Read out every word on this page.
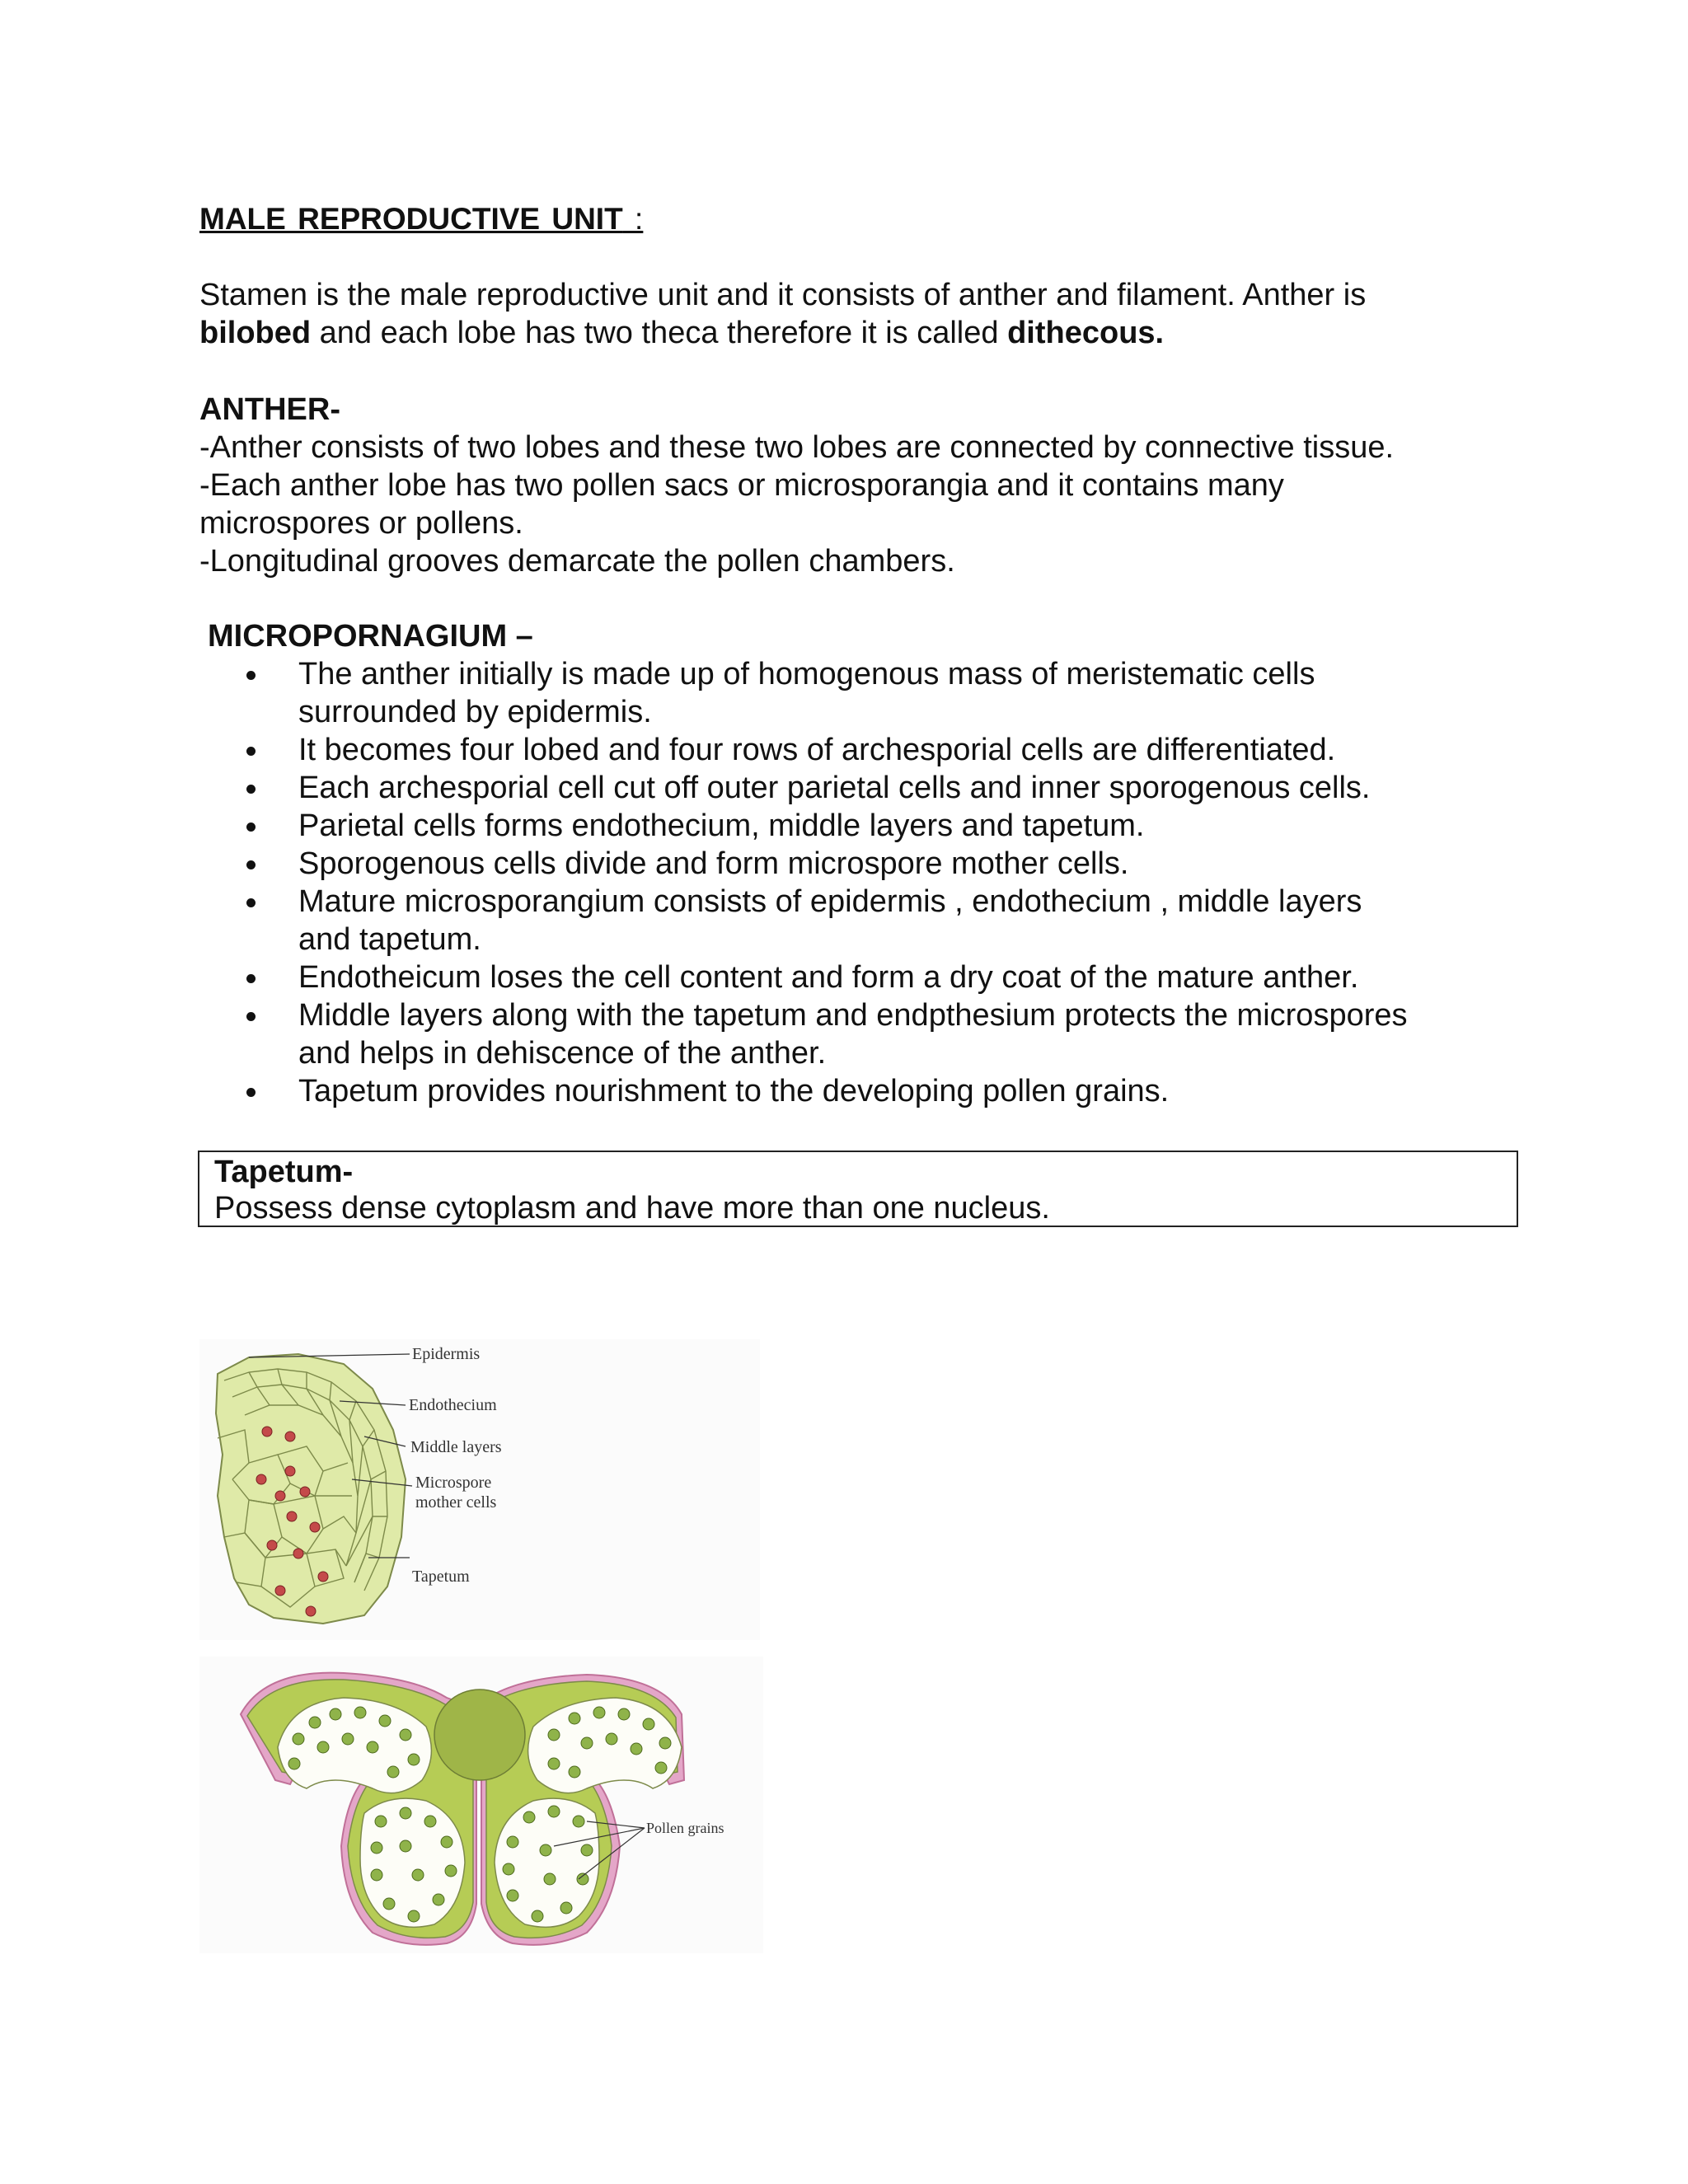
MALE REPRODUCTIVE UNIT :
Stamen is the male reproductive unit and it consists of anther and filament. Anther is
bilobed and each lobe has two theca therefore it is called dithecous.
ANTHER-
-Anther consists of two lobes and these two lobes are connected by connective tissue.
-Each anther lobe has two pollen sacs or microsporangia and it contains many
microspores or pollens.
-Longitudinal grooves demarcate the pollen chambers.
MICROPORNAGIUM –
The anther initially is made up of homogenous mass of meristematic cells
surrounded by epidermis.
It becomes four lobed and four rows of archesporial cells are differentiated.
Each archesporial cell cut off outer parietal cells and inner sporogenous cells.
Parietal cells forms endothecium, middle layers and tapetum.
Sporogenous cells divide and form microspore mother cells.
Mature microsporangium consists of epidermis , endothecium , middle layers
and tapetum.
Endotheicum loses the cell content and form a dry coat of the mature anther.
Middle layers along with the tapetum and endpthesium protects the microspores
and helps in dehiscence of the anther.
Tapetum provides nourishment to the developing pollen grains.
Tapetum-
Possess dense cytoplasm and have more than one nucleus.
Epidermis
Endothecium
Middle layers
Microspore
mother cells
Tapetum
Pollen grains
